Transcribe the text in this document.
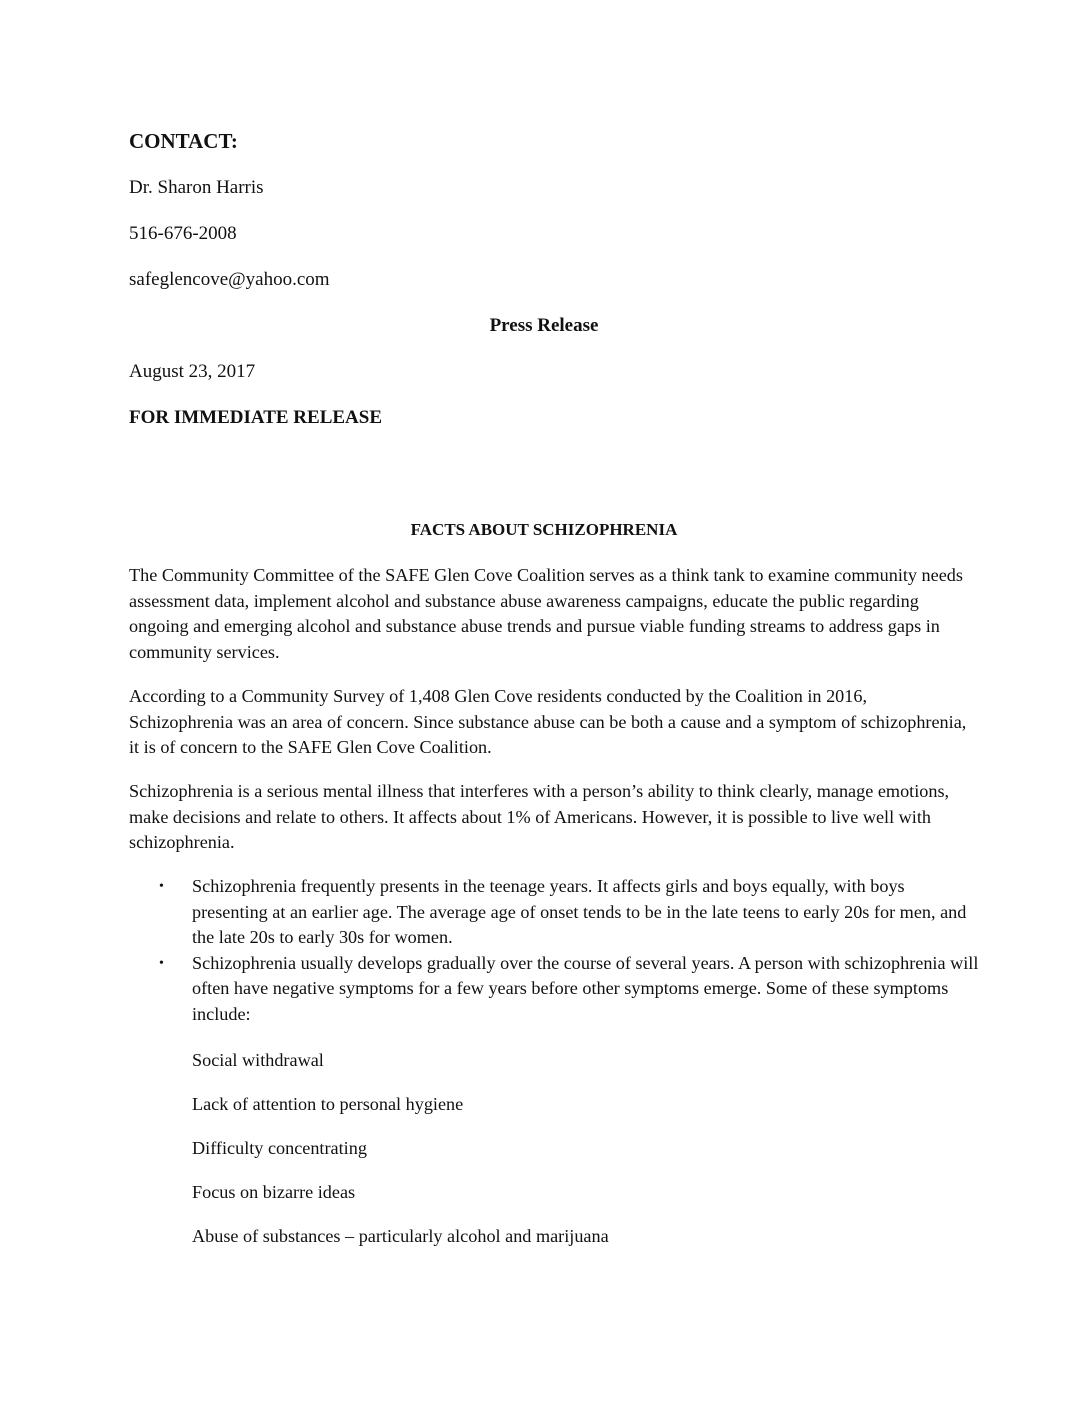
CONTACT:
Dr. Sharon Harris
516-676-2008
safeglencove@yahoo.com
Press Release
August 23, 2017
FOR IMMEDIATE RELEASE
FACTS ABOUT SCHIZOPHRENIA

The Community Committee of the SAFE Glen Cove Coalition serves as a think tank to examine community needs assessment data, implement alcohol and substance abuse awareness campaigns, educate the public regarding ongoing and emerging alcohol and substance abuse trends and pursue viable funding streams to address gaps in community services.

According to a Community Survey of 1,408 Glen Cove residents conducted by the Coalition in 2016, Schizophrenia was an area of concern. Since substance abuse can be both a cause and a symptom of schizophrenia, it is of concern to the SAFE Glen Cove Coalition.

Schizophrenia is a serious mental illness that interferes with a person’s ability to think clearly, manage emotions, make decisions and relate to others. It affects about 1% of Americans. However, it is possible to live well with schizophrenia.

• Schizophrenia frequently presents in the teenage years. It affects girls and boys equally, with boys presenting at an earlier age. The average age of onset tends to be in the late teens to early 20s for men, and the late 20s to early 30s for women.
• Schizophrenia usually develops gradually over the course of several years. A person with schizophrenia will often have negative symptoms for a few years before other symptoms emerge. Some of these symptoms include:
Social withdrawal
Lack of attention to personal hygiene
Difficulty concentrating
Focus on bizarre ideas
Abuse of substances – particularly alcohol and marijuana
